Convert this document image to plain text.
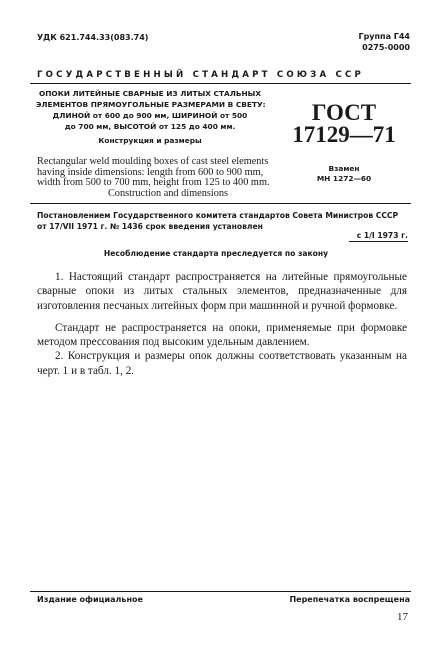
УДК 621.744.33(083.74)	Группа Г44
0275-0000
ГОСУДАРСТВЕННЫЙ СТАНДАРТ СОЮЗА ССР
ОПОКИ ЛИТЕЙНЫЕ СВАРНЫЕ ИЗ ЛИТЫХ СТАЛЬНЫХ
ЭЛЕМЕНТОВ ПРЯМОУГОЛЬНЫЕ РАЗМЕРАМИ В СВЕТУ:
ДЛИНОЙ от 600 до 900 мм, ШИРИНОЙ от 500
до 700 мм, ВЫСОТОЙ от 125 до 400 мм.
Конструкция и размеры
Rectangular weld moulding boxes of cast steel elements
having inside dimensions: length from 600 to 900 mm,
width from 500 to 700 mm, height from 125 to 400 mm.
Construction and dimensions
ГОСТ
17129—71
Взамен
МН 1272—60
Постановлением Государственного комитета стандартов Совета Министров СССР
от 17/VII 1971 г. № 1436 срок введения установлен
с 1/I 1973 г.
Несоблюдение стандарта преследуется по закону

1. Настоящий стандарт распространяется на литейные прямоугольные сварные опоки из литых стальных элементов, предназначенные для изготовления песчаных литейных форм при машинной и ручной формовке.

Стандарт не распространяется на опоки, применяемые при формовке методом прессования под высоким удельным давлением.

2. Конструкция и размеры опок должны соответствовать указанным на черт. 1 и в табл. 1, 2.

Издание официальное	Перепечатка воспрещена
17
